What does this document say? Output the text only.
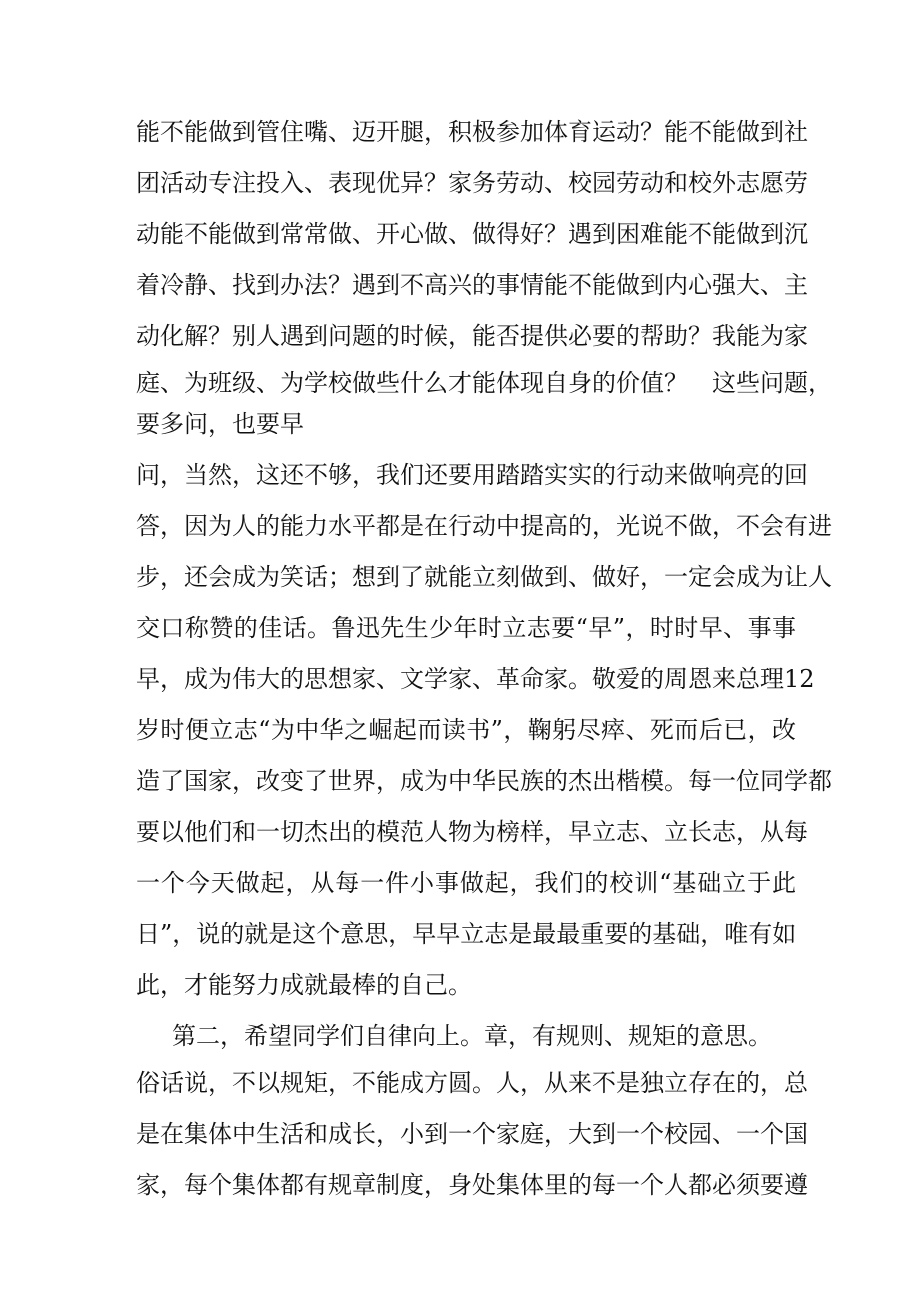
能不能做到管住嘴、迈开腿，积极参加体育运动？能不能做到社
团活动专注投入、表现优异？家务劳动、校园劳动和校外志愿劳
动能不能做到常常做、开心做、做得好？遇到困难能不能做到沉
着冷静、找到办法？遇到不高兴的事情能不能做到内心强大、主
动化解？别人遇到问题的时候，能否提供必要的帮助？我能为家
庭、为班级、为学校做些什么才能体现自身的价值？　这些问题，
要多问，也要早
问，当然，这还不够，我们还要用踏踏实实的行动来做响亮的回
答，因为人的能力水平都是在行动中提高的，光说不做，不会有进
步，还会成为笑话；想到了就能立刻做到、做好，一定会成为让人
交口称赞的佳话。鲁迅先生少年时立志要“早”，时时早、事事
早，成为伟大的思想家、文学家、革命家。敬爱的周恩来总理12
岁时便立志“为中华之崛起而读书”，鞠躬尽瘁、死而后已，改
造了国家，改变了世界，成为中华民族的杰出楷模。每一位同学都
要以他们和一切杰出的模范人物为榜样，早立志、立长志，从每
一个今天做起，从每一件小事做起，我们的校训“基础立于此
日”，说的就是这个意思，早早立志是最最重要的基础，唯有如
此，才能努力成就最棒的自己。
第二，希望同学们自律向上。章，有规则、规矩的意思。
俗话说，不以规矩，不能成方圆。人，从来不是独立存在的，总
是在集体中生活和成长，小到一个家庭，大到一个校园、一个国
家，每个集体都有规章制度，身处集体里的每一个人都必须要遵
